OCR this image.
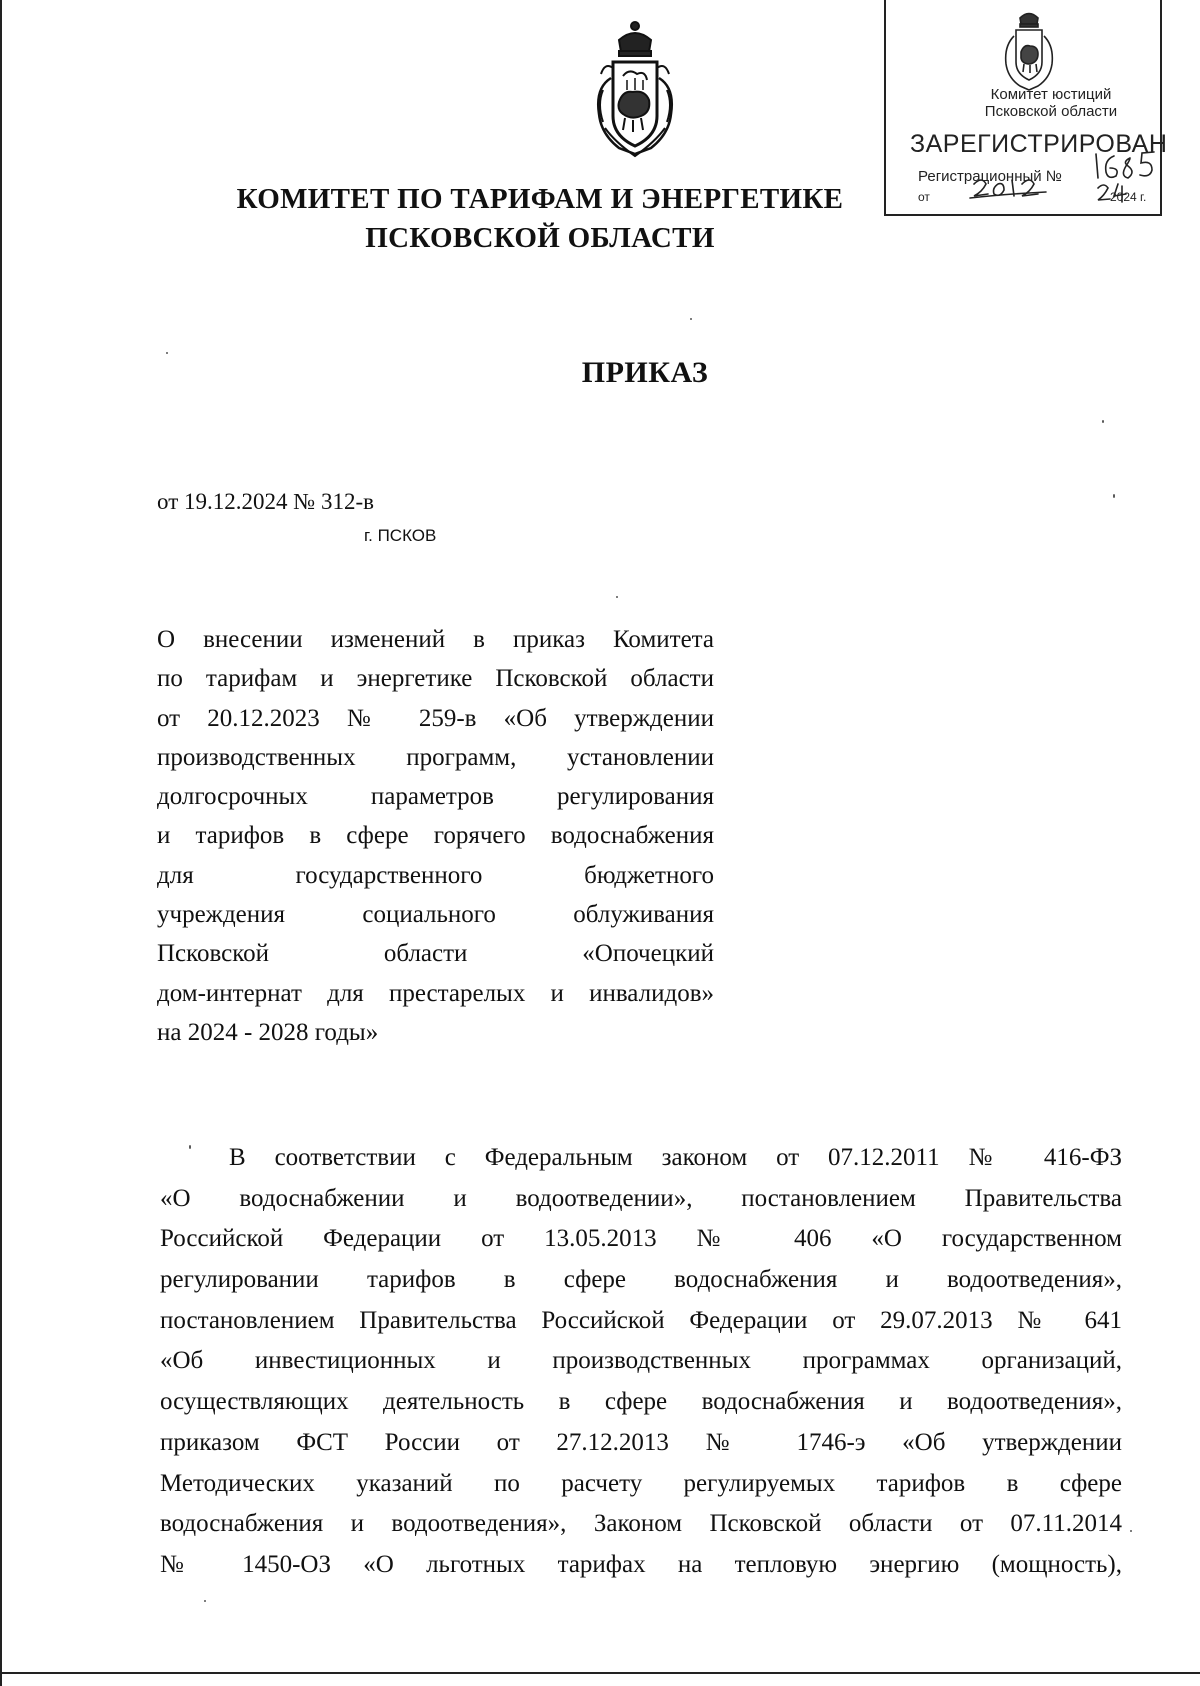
Комитет юстиций
Псковской области
ЗАРЕГИСТРИРОВАН
Регистрационный №
от	2024 г.
КОМИТЕТ ПО ТАРИФАМ И ЭНЕРГЕТИКЕ
ПСКОВСКОЙ ОБЛАСТИ
ПРИКАЗ
от 19.12.2024 № 312-в
г. ПСКОВ
О внесении изменений в приказ Комитета
по тарифам и энергетике Псковской области
от 20.12.2023 № 259-в «Об утверждении
производственных программ, установлении
долгосрочных параметров регулирования
и тарифов в сфере горячего водоснабжения
для государственного бюджетного
учреждения социального облуживания
Псковской области «Опочецкий
дом-интернат для престарелых и инвалидов»
на 2024 - 2028 годы»
В соответствии с Федеральным законом от 07.12.2011 № 416-ФЗ
«О водоснабжении и водоотведении», постановлением Правительства
Российской Федерации от 13.05.2013 № 406 «О государственном
регулировании тарифов в сфере водоснабжения и водоотведения»,
постановлением Правительства Российской Федерации от 29.07.2013 № 641
«Об инвестиционных и производственных программах организаций,
осуществляющих деятельность в сфере водоснабжения и водоотведения»,
приказом ФСТ России от 27.12.2013 № 1746-э «Об утверждении
Методических указаний по расчету регулируемых тарифов в сфере
водоснабжения и водоотведения», Законом Псковской области от 07.11.2014
№ 1450-ОЗ «О льготных тарифах на тепловую энергию (мощность),
